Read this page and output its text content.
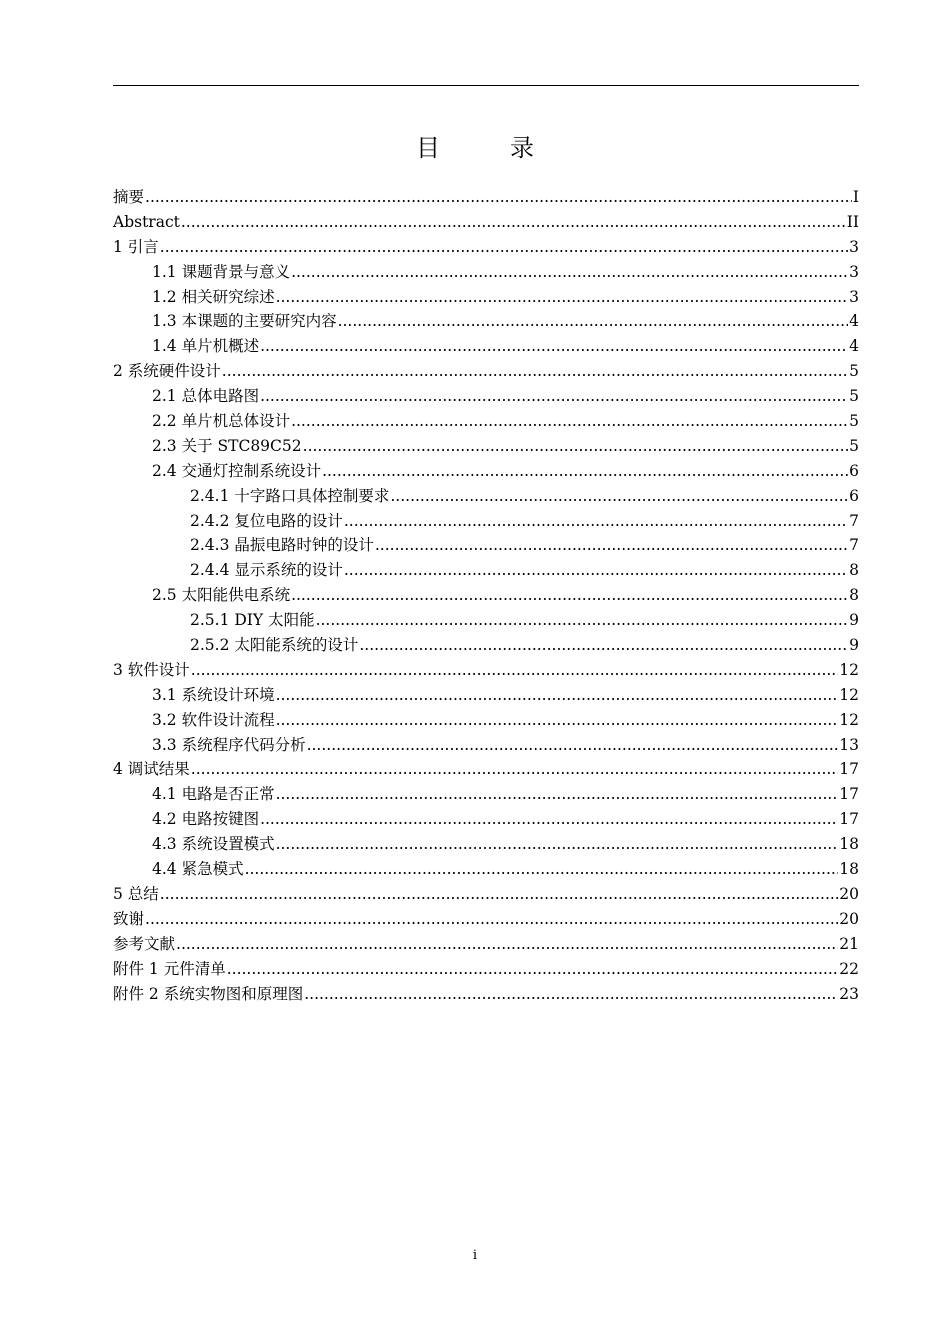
目	录
摘要 .....	I
Abstract .....	II
1 引言 .....	3
1.1 课题背景与意义 .....	3
1.2 相关研究综述 .....	3
1.3 本课题的主要研究内容 .....	4
1.4 单片机概述 .....	4
2 系统硬件设计 .....	5
2.1 总体电路图 .....	5
2.2 单片机总体设计 .....	5
2.3 关于 STC89C52 .....	5
2.4 交通灯控制系统设计 .....	6
2.4.1 十字路口具体控制要求 .....	6
2.4.2 复位电路的设计 .....	7
2.4.3 晶振电路时钟的设计 .....	7
2.4.4 显示系统的设计 .....	8
2.5 太阳能供电系统 .....	8
2.5.1 DIY 太阳能 .....	9
2.5.2 太阳能系统的设计 .....	9
3 软件设计 .....	12
3.1 系统设计环境 .....	12
3.2 软件设计流程 .....	12
3.3 系统程序代码分析 .....	13
4 调试结果 .....	17
4.1 电路是否正常 .....	17
4.2 电路按键图 .....	17
4.3 系统设置模式 .....	18
4.4 紧急模式 .....	18
5 总结 .....	20
致谢 .....	20
参考文献 .....	21
附件 1 元件清单 .....	22
附件 2 系统实物图和原理图 .....	23
i
